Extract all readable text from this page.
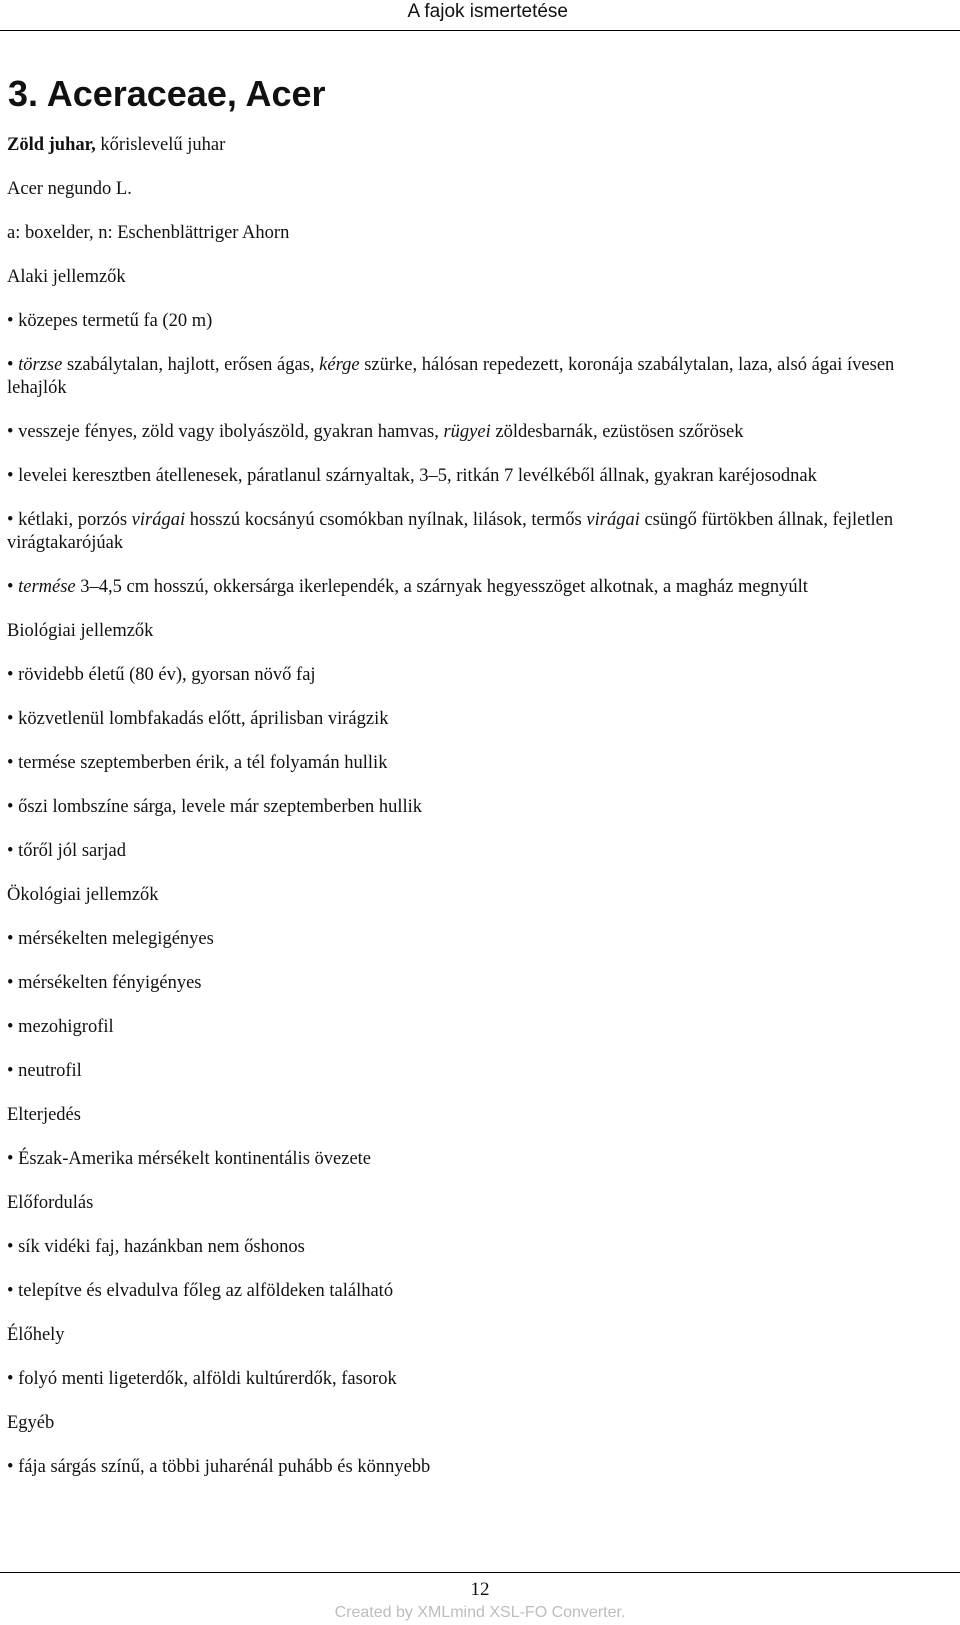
A fajok ismertetése
3. Aceraceae, Acer
Zöld juhar, kőrislevelű juhar
Acer negundo L.
a: boxelder, n: Eschenblättriger Ahorn
Alaki jellemzők
• közepes termetű fa (20 m)
• törzse szabálytalan, hajlott, erősen ágas, kérge szürke, hálósan repedezett, koronája szabálytalan, laza, alsó ágai ívesen lehajlók
• vesszeje fényes, zöld vagy ibolyászöld, gyakran hamvas, rügyei zöldesbarnák, ezüstösen szőrösek
• levelei keresztben átellenesek, páratlanul szárnyaltak, 3–5, ritkán 7 levélkéből állnak, gyakran karéjosodnak
• kétlaki, porzós virágai hosszú kocsányú csomókban nyílnak, lilások, termős virágai csüngő fürtökben állnak, fejletlen virágtakarójúak
• termése 3–4,5 cm hosszú, okkersárga ikerlependék, a szárnyak hegyesszöget alkotnak, a magház megnyúlt
Biológiai jellemzők
• rövidebb életű (80 év), gyorsan növő faj
• közvetlenül lombfakadás előtt, áprilisban virágzik
• termése szeptemberben érik, a tél folyamán hullik
• őszi lombszíne sárga, levele már szeptemberben hullik
• tőről jól sarjad
Ökológiai jellemzők
• mérsékelten melegigényes
• mérsékelten fényigényes
• mezohigrofil
• neutrofil
Elterjedés
• Észak-Amerika mérsékelt kontinentális övezete
Előfordulás
• sík vidéki faj, hazánkban nem őshonos
• telepítve és elvadulva főleg az alföldeken található
Élőhely
• folyó menti ligeterdők, alföldi kultúrerdők, fasorok
Egyéb
• fája sárgás színű, a többi juharénál puhább és könnyebb
12
Created by XMLmind XSL-FO Converter.
